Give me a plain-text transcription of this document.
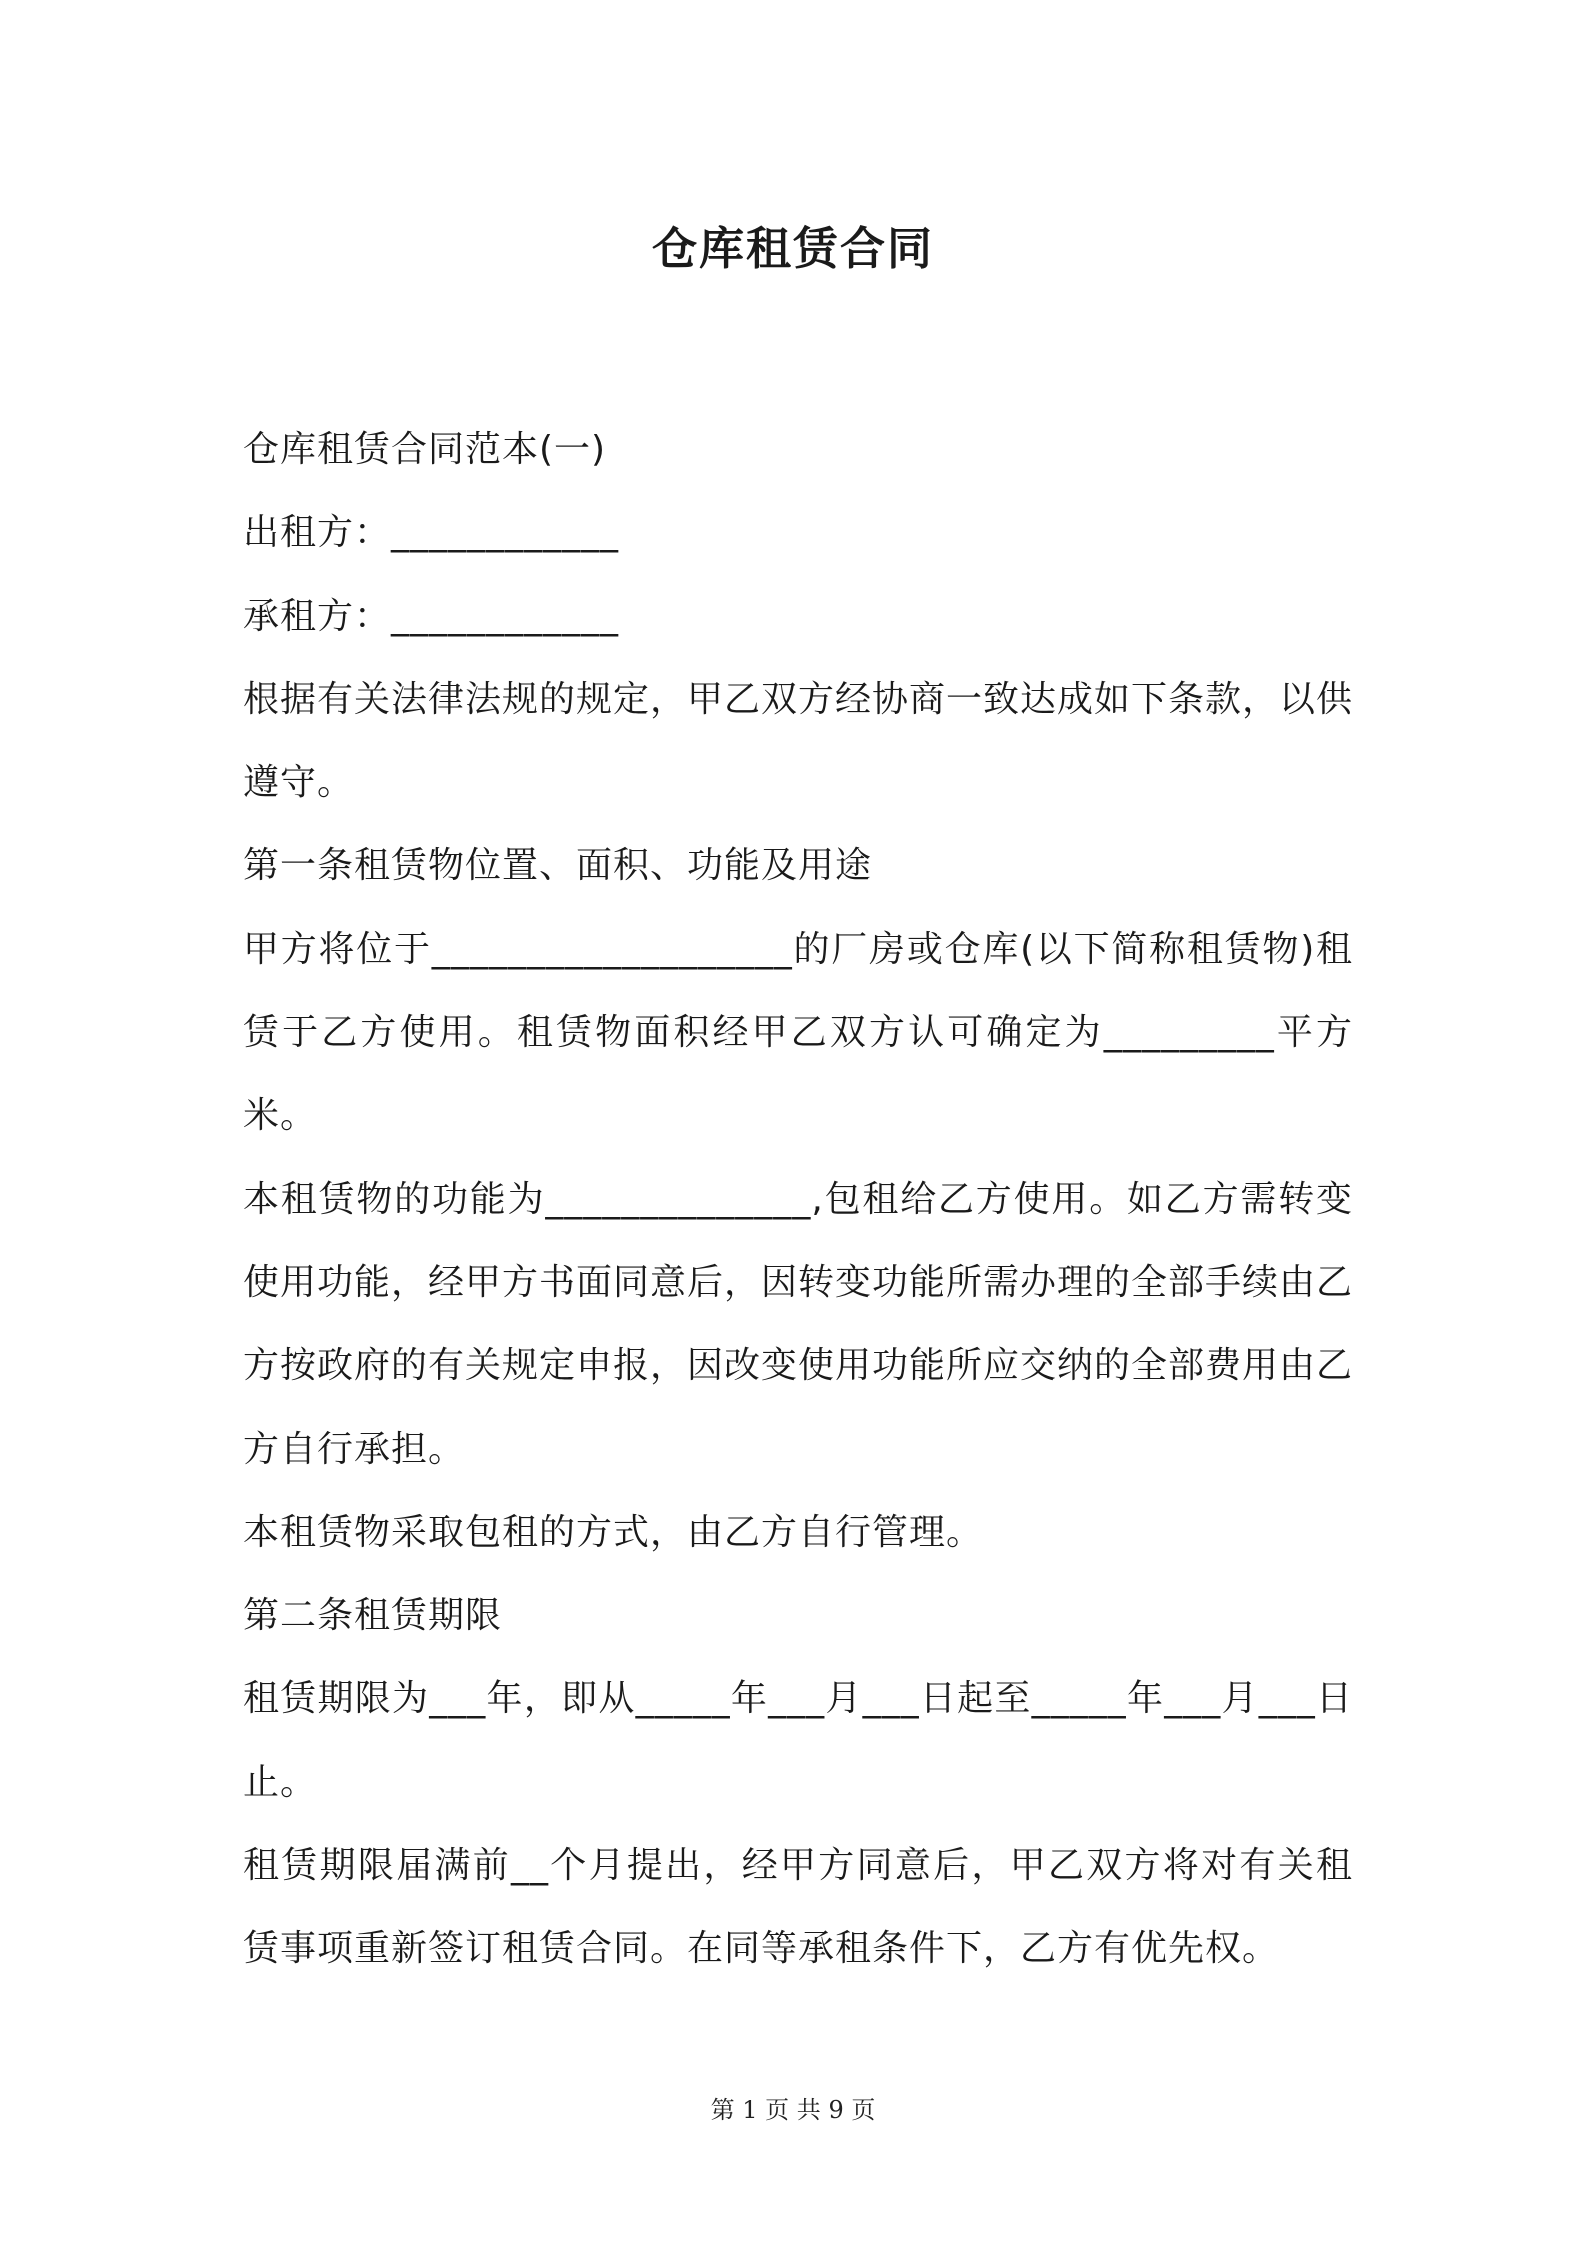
仓库租赁合同

仓库租赁合同范本(一)

出租方：____________

承租方：____________

根据有关法律法规的规定，甲乙双方经协商一致达成如下条款，以供遵守。

第一条租赁物位置、面积、功能及用途

甲方将位于___________________的厂房或仓库(以下简称租赁物)租赁于乙方使用。租赁物面积经甲乙双方认可确定为_________平方米。

本租赁物的功能为______________,包租给乙方使用。如乙方需转变使用功能，经甲方书面同意后，因转变功能所需办理的全部手续由乙方按政府的有关规定申报，因改变使用功能所应交纳的全部费用由乙方自行承担。

本租赁物采取包租的方式，由乙方自行管理。

第二条租赁期限

租赁期限为___年，即从_____年___月___日起至_____年___月___日止。

租赁期限届满前__个月提出，经甲方同意后，甲乙双方将对有关租赁事项重新签订租赁合同。在同等承租条件下，乙方有优先权。

第 1 页 共 9 页
